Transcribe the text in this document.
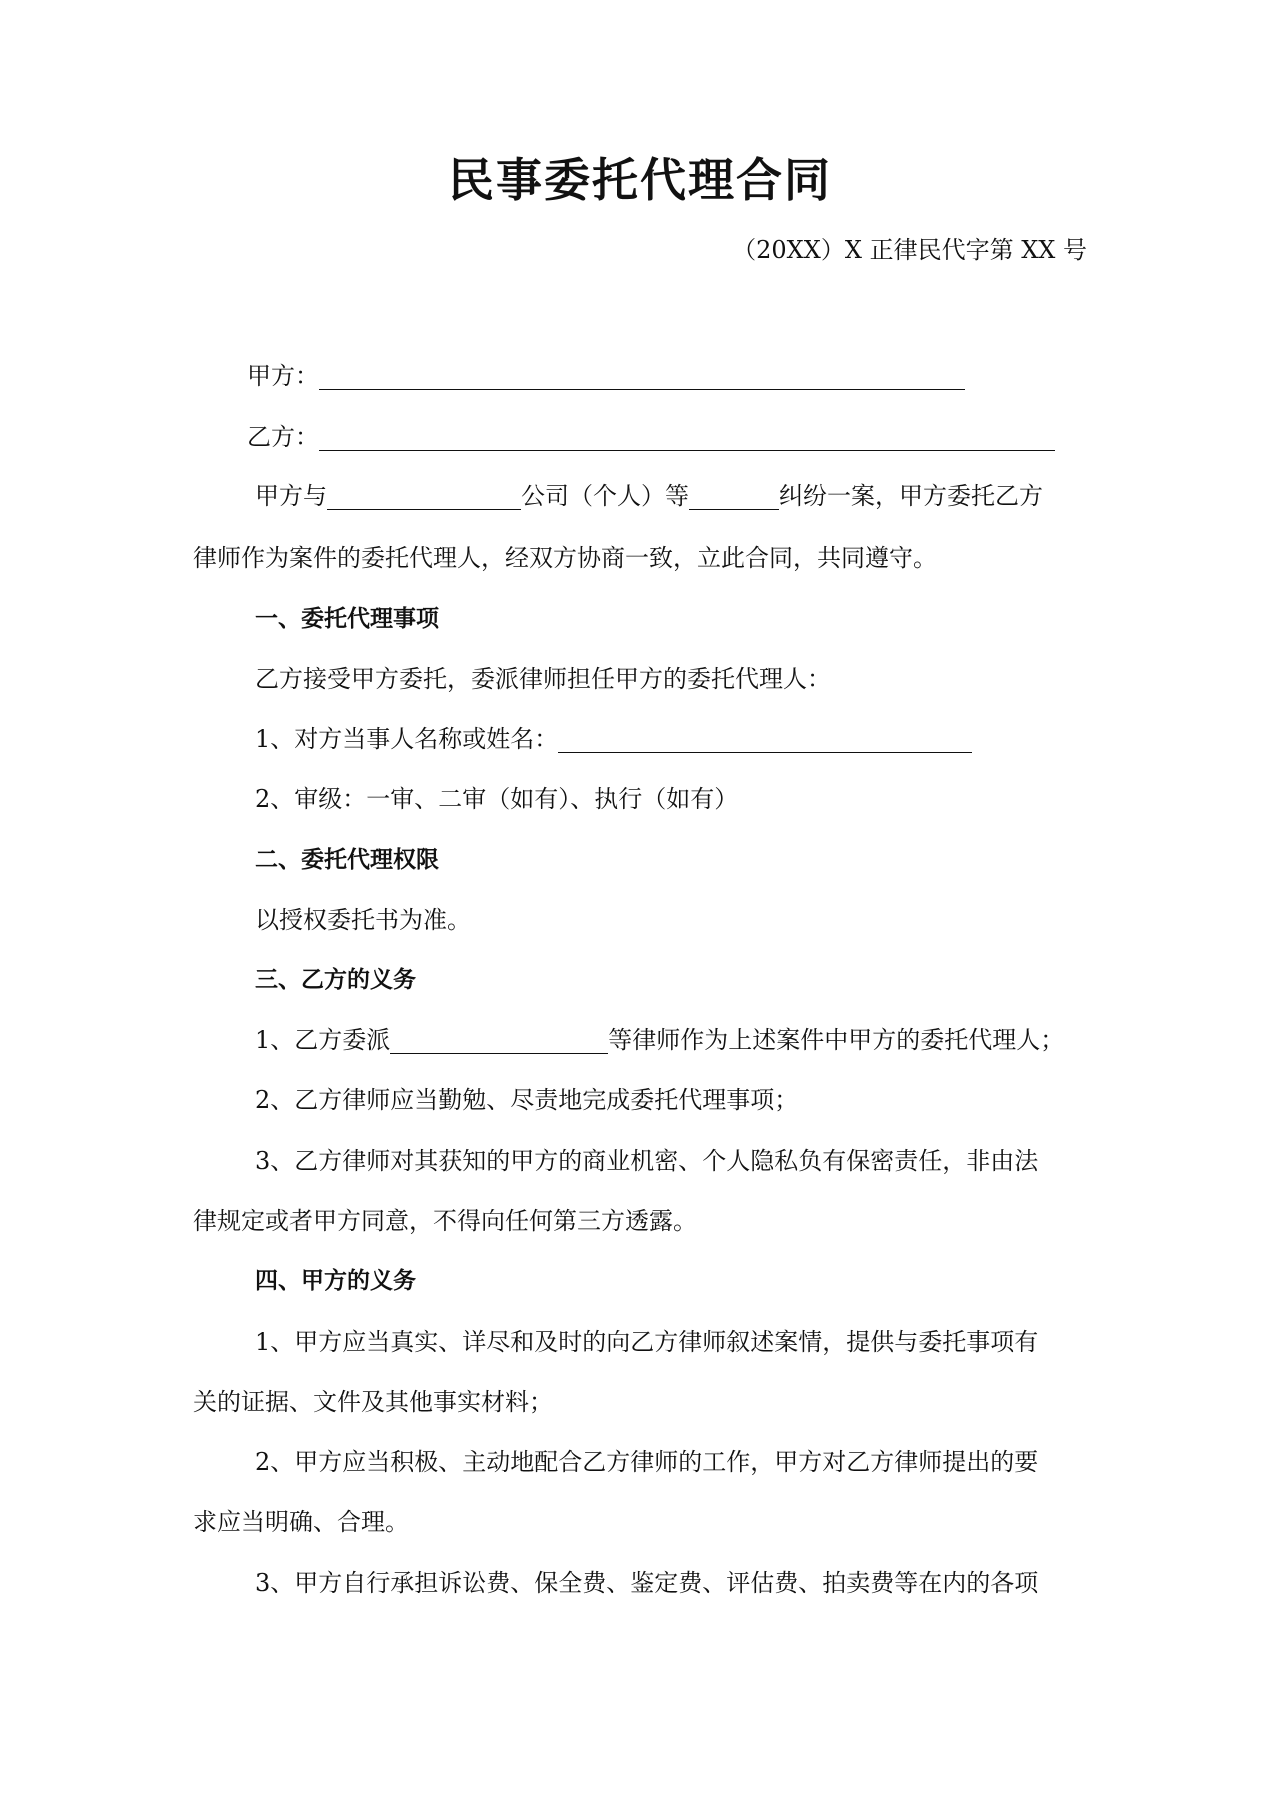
民事委托代理合同
（20XX）X 正律民代字第 XX 号
甲方：
乙方：
甲方与	公司（个人）等	纠纷一案，甲方委托乙方
律师作为案件的委托代理人，经双方协商一致，立此合同，共同遵守。
一、委托代理事项
乙方接受甲方委托，委派律师担任甲方的委托代理人：
1、对方当事人名称或姓名：
2、审级：一审、二审（如有）、执行（如有）
二、委托代理权限
以授权委托书为准。
三、乙方的义务
1、乙方委派	等律师作为上述案件中甲方的委托代理人；
2、乙方律师应当勤勉、尽责地完成委托代理事项；
3、乙方律师对其获知的甲方的商业机密、个人隐私负有保密责任，非由法
律规定或者甲方同意，不得向任何第三方透露。
四、甲方的义务
1、甲方应当真实、详尽和及时的向乙方律师叙述案情，提供与委托事项有
关的证据、文件及其他事实材料；
2、甲方应当积极、主动地配合乙方律师的工作，甲方对乙方律师提出的要
求应当明确、合理。
3、甲方自行承担诉讼费、保全费、鉴定费、评估费、拍卖费等在内的各项
